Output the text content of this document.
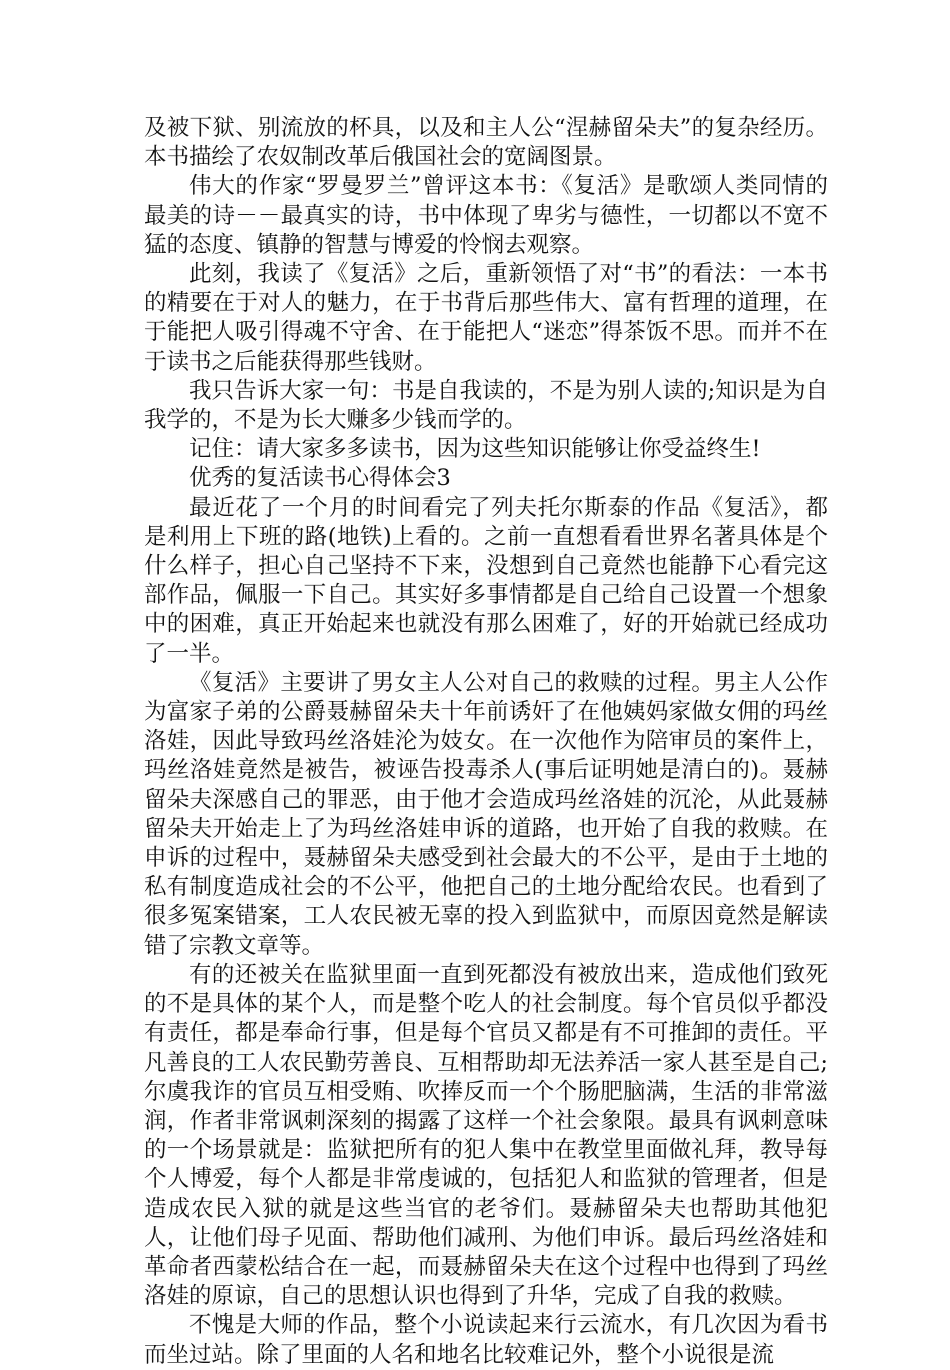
及被下狱、别流放的杯具，以及和主人公“涅赫留朵夫”的复杂经历。本书描绘了农奴制改革后俄国社会的宽阔图景。

伟大的作家“罗曼罗兰”曾评这本书：《复活》是歌颂人类同情的最美的诗－－最真实的诗，书中体现了卑劣与德性，一切都以不宽不猛的态度、镇静的智慧与博爱的怜悯去观察。

此刻，我读了《复活》之后，重新领悟了对“书”的看法：一本书的精要在于对人的魅力，在于书背后那些伟大、富有哲理的道理，在于能把人吸引得魂不守舍、在于能把人“迷恋”得茶饭不思。而并不在于读书之后能获得那些钱财。

我只告诉大家一句：书是自我读的，不是为别人读的;知识是为自我学的，不是为长大赚多少钱而学的。

记住：请大家多多读书，因为这些知识能够让你受益终生!

优秀的复活读书心得体会3

最近花了一个月的时间看完了列夫托尔斯泰的作品《复活》，都是利用上下班的路(地铁)上看的。之前一直想看看世界名著具体是个什么样子，担心自己坚持不下来，没想到自己竟然也能静下心看完这部作品，佩服一下自己。其实好多事情都是自己给自己设置一个想象中的困难，真正开始起来也就没有那么困难了，好的开始就已经成功了一半。

《复活》主要讲了男女主人公对自己的救赎的过程。男主人公作为富家子弟的公爵聂赫留朵夫十年前诱奸了在他姨妈家做女佣的玛丝洛娃，因此导致玛丝洛娃沦为妓女。在一次他作为陪审员的案件上，玛丝洛娃竟然是被告，被诬告投毒杀人(事后证明她是清白的)。聂赫留朵夫深感自己的罪恶，由于他才会造成玛丝洛娃的沉沦，从此聂赫留朵夫开始走上了为玛丝洛娃申诉的道路，也开始了自我的救赎。在申诉的过程中，聂赫留朵夫感受到社会最大的不公平，是由于土地的私有制度造成社会的不公平，他把自己的土地分配给农民。也看到了很多冤案错案，工人农民被无辜的投入到监狱中，而原因竟然是解读错了宗教文章等。

有的还被关在监狱里面一直到死都没有被放出来，造成他们致死的不是具体的某个人，而是整个吃人的社会制度。每个官员似乎都没有责任，都是奉命行事，但是每个官员又都是有不可推卸的责任。平凡善良的工人农民勤劳善良、互相帮助却无法养活一家人甚至是自己;尔虞我诈的官员互相受贿、吹捧反而一个个肠肥脑满，生活的非常滋润，作者非常讽刺深刻的揭露了这样一个社会象限。最具有讽刺意味的一个场景就是：监狱把所有的犯人集中在教堂里面做礼拜，教导每个人博爱，每个人都是非常虔诚的，包括犯人和监狱的管理者，但是造成农民入狱的就是这些当官的老爷们。聂赫留朵夫也帮助其他犯人，让他们母子见面、帮助他们减刑、为他们申诉。最后玛丝洛娃和革命者西蒙松结合在一起，而聂赫留朵夫在这个过程中也得到了玛丝洛娃的原谅，自己的思想认识也得到了升华，完成了自我的救赎。

不愧是大师的作品，整个小说读起来行云流水，有几次因为看书而坐过站。除了里面的人名和地名比较难记外，整个小说很是流
